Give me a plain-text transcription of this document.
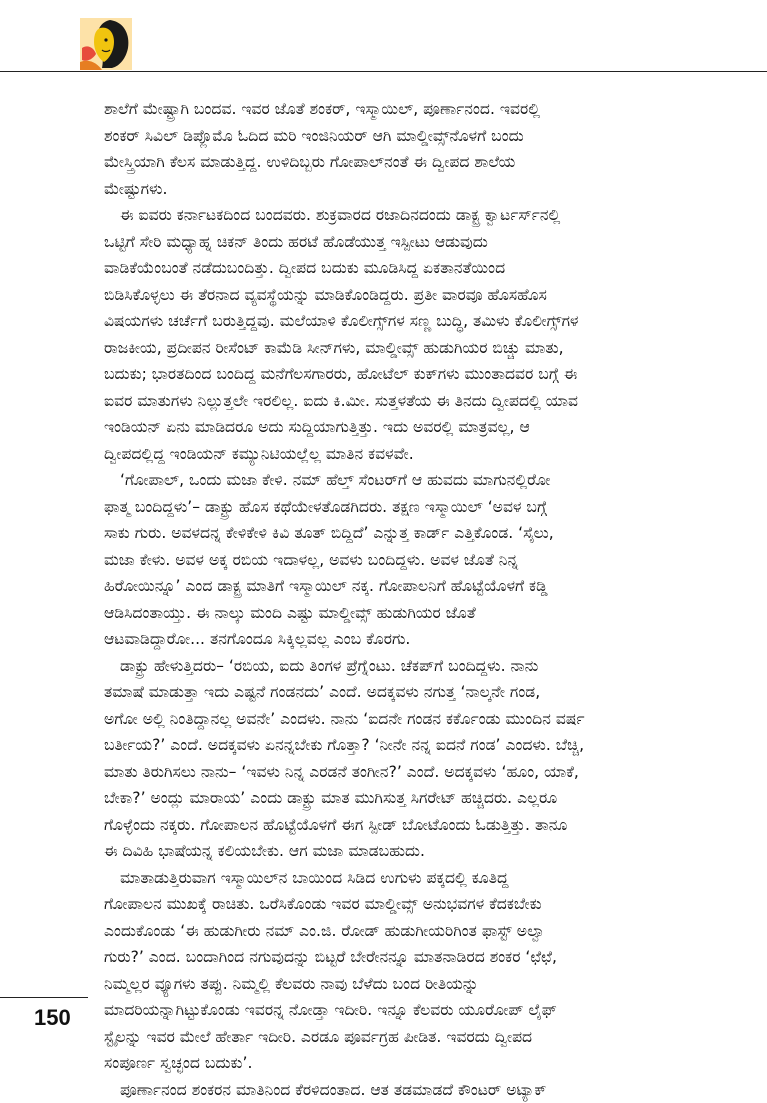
ಶಾಲೆಗೆ ಮೇಷ್ಟ್ರಾಗಿ ಬಂದವ. ಇವರ ಜೊತೆ ಶಂಕರ್, ಇಸ್ಮಾಯಿಲ್, ಪೂರ್ಣಾನಂದ. ಇವರಲ್ಲಿ
ಶಂಕರ್ ಸಿವಿಲ್ ಡಿಪ್ಲೊಮೊ ಓದಿದ ಮರಿ ಇಂಜಿನಿಯರ್ ಆಗಿ ಮಾಲ್ಡೀವ್ಸ್‌ನೊಳಗೆ ಬಂದು
ಮೇಸ್ತ್ರಿಯಾಗಿ ಕೆಲಸ ಮಾಡುತ್ತಿದ್ದ. ಉಳಿದಿಬ್ಬರು ಗೋಪಾಲ್‌ನಂತೆ ಈ ದ್ವೀಪದ ಶಾಲೆಯ
ಮೇಷ್ಟುಗಳು.

ಈ ಐವರು ಕರ್ನಾಟಕದಿಂದ ಬಂದವರು. ಶುಕ್ರವಾರದ ರಜಾದಿನದಂದು ಡಾಕ್ಟ್ರ ಕ್ವಾರ್ಟರ್ಸ್‌ನಲ್ಲಿ
ಒಟ್ಟಿಗೆ ಸೇರಿ ಮಧ್ಯಾಹ್ನ ಚಿಕನ್ ತಿಂದು ಹರಟೆ ಹೊಡೆಯುತ್ತ ಇಸ್ಪೀಟು ಆಡುವುದು
ವಾಡಿಕೆಯೆಂಬಂತೆ ನಡೆದುಬಂದಿತ್ತು. ದ್ವೀಪದ ಬದುಕು ಮೂಡಿಸಿದ್ದ ಏಕತಾನತೆಯಿಂದ
ಬಿಡಿಸಿಕೊಳ್ಳಲು ಈ ತೆರನಾದ ವ್ಯವಸ್ಥೆಯನ್ನು ಮಾಡಿಕೊಂಡಿದ್ದರು. ಪ್ರತೀ ವಾರವೂ ಹೊಸಹೊಸ
ವಿಷಯಗಳು ಚರ್ಚೆಗೆ ಬರುತ್ತಿದ್ದವು. ಮಲೆಯಾಳಿ ಕೊಲೀಗ್ಸ್‌ಗಳ ಸಣ್ಣ ಬುದ್ಧಿ, ತಮಿಳು ಕೊಲೀಗ್ಸ್‌ಗಳ
ರಾಜಕೀಯ, ಪ್ರದೀಪನ ರೀಸೆಂಟ್ ಕಾಮೆಡಿ ಸೀನ್‌ಗಳು, ಮಾಲ್ಡೀವ್ಸ್ ಹುಡುಗಿಯರ ಬಿಚ್ಚು ಮಾತು,
ಬದುಕು; ಭಾರತದಿಂದ ಬಂದಿದ್ದ ಮನೆಗೆಲಸಗಾರರು, ಹೋಟೆಲ್ ಕುಕ್‌ಗಳು ಮುಂತಾದವರ ಬಗ್ಗೆ ಈ
ಐವರ ಮಾತುಗಳು ನಿಲ್ಲುತ್ತಲೇ ಇರಲಿಲ್ಲ. ಐದು ಕಿ.ಮೀ. ಸುತ್ತಳತೆಯ ಈ ತಿನದು ದ್ವೀಪದಲ್ಲಿ ಯಾವ
ಇಂಡಿಯನ್ ಏನು ಮಾಡಿದರೂ ಅದು ಸುದ್ದಿಯಾಗುತ್ತಿತ್ತು. ಇದು ಅವರಲ್ಲಿ ಮಾತ್ರವಲ್ಲ, ಆ
ದ್ವೀಪದಲ್ಲಿದ್ದ ಇಂಡಿಯನ್ ಕಮ್ಯುನಿಟಿಯಲ್ಲೆಲ್ಲ ಮಾತಿನ ಕವಳವೇ.

‘ಗೋಪಾಲ್, ಒಂದು ಮಜಾ ಕೇಳಿ. ನಮ್ ಹೆಲ್ತ್ ಸೆಂಟರ್‌ಗೆ ಆ ಹುವದು ಮಾಗುನಲ್ಲಿರೋ
ಫಾತ್ಮ ಬಂದಿದ್ದಳು’– ಡಾಕ್ಟ್ರು ಹೊಸ ಕಥೆಯೇಳತೊಡಗಿದರು. ತಕ್ಷಣ ಇಸ್ಮಾಯಿಲ್ ‘ಅವಳ ಬಗ್ಗೆ
ಸಾಕು ಗುರು. ಅವಳದನ್ನ ಕೇಳಿಕೇಳಿ ಕಿವಿ ತೂತ್ ಬಿದ್ದಿದೆ’ ಎನ್ನುತ್ತ ಕಾರ್ಡ್ ಎತ್ತಿಕೊಂಡ. ‘ಸೈಲು,
ಮಜಾ ಕೇಳು. ಅವಳ ಅಕ್ಕ ರಬಿಯ ಇದಾಳಲ್ಲ, ಅವಳು ಬಂದಿದ್ದಳು. ಅವಳ ಜೊತೆ ನಿನ್ನ
ಹಿರೋಯಿನ್ನೂ’ ಎಂದ ಡಾಕ್ಟ್ರ ಮಾತಿಗೆ ಇಸ್ಮಾಯಿಲ್ ನಕ್ಕ. ಗೋಪಾಲನಿಗೆ ಹೊಟ್ಟೆಯೊಳಗೆ ಕಡ್ಡಿ
ಆಡಿಸಿದಂತಾಯ್ತು. ಈ ನಾಲ್ಕು ಮಂದಿ ಎಷ್ಟು ಮಾಲ್ಡೀವ್ಸ್ ಹುಡುಗಿಯರ ಜೊತೆ
ಆಟವಾಡಿದ್ದಾರೋ... ತನಗೊಂದೂ ಸಿಕ್ಕಿಲ್ಲವಲ್ಲ ಎಂಬ ಕೊರಗು.

ಡಾಕ್ಟ್ರು ಹೇಳುತ್ತಿದರು– ‘ರಬಿಯ, ಐದು ತಿಂಗಳ ಪ್ರೆಗ್ನೆಂಟು. ಚೆಕಪ್‌ಗೆ ಬಂದಿದ್ದಳು. ನಾನು
ತಮಾಷೆ ಮಾಡುತ್ತಾ ಇದು ಎಷ್ಟನೆ ಗಂಡನದು’ ಎಂದೆ. ಅದಕ್ಕವಳು ನಗುತ್ತ ‘ನಾಲ್ಕನೇ ಗಂಡ,
ಅಗೋ ಅಲ್ಲಿ ನಿಂತಿದ್ದಾನಲ್ಲ ಅವನೇ’ ಎಂದಳು. ನಾನು ‘ಐದನೇ ಗಂಡನ ಕರ್ಕೊಂಡು ಮುಂದಿನ ವರ್ಷ
ಬರ್ತೀಯ?’ ಎಂದೆ. ಅದಕ್ಕವಳು ಏನನ್ನಬೇಕು ಗೊತ್ತಾ? ‘ನೀನೇ ನನ್ನ ಐದನೆ ಗಂಡ’ ಎಂದಳು. ಬೆಚ್ಚಿ,
ಮಾತು ತಿರುಗಿಸಲು ನಾನು– ‘ಇವಳು ನಿನ್ನ ಎರಡನೆ ತಂಗೀನ?’ ಎಂದೆ. ಅದಕ್ಕವಳು ‘ಹೂಂ, ಯಾಕೆ,
ಬೇಕಾ?’ ಅಂದ್ಲು ಮಾರಾಯ’ ಎಂದು ಡಾಕ್ಟ್ರು ಮಾತ ಮುಗಿಸುತ್ತ ಸಿಗರೇಟ್ ಹಚ್ಚಿದರು. ಎಲ್ಲರೂ
ಗೊಳ್ಳೆಂದು ನಕ್ಕರು. ಗೋಪಾಲನ ಹೊಟ್ಟೆಯೊಳಗೆ ಈಗ ಸ್ಪೀಡ್ ಬೋಟೊಂದು ಓಡುತ್ತಿತ್ತು. ತಾನೂ
ಈ ದಿವಿಹಿ ಭಾಷೆಯನ್ನ ಕಲಿಯಬೇಕು. ಆಗ ಮಜಾ ಮಾಡಬಹುದು.

ಮಾತಾಡುತ್ತಿರುವಾಗ ಇಸ್ಮಾಯಿಲ್‌ನ ಬಾಯಿಂದ ಸಿಡಿದ ಉಗುಳು ಪಕ್ಕದಲ್ಲಿ ಕೂತಿದ್ದ
ಗೋಪಾಲನ ಮುಖಕ್ಕೆ ರಾಚಿತು. ಒರೆಸಿಕೊಂಡು ಇವರ ಮಾಲ್ಡೀವ್ಸ್ ಅನುಭವಗಳ ಕೆದಕಬೇಕು
ಎಂದುಕೊಂಡು ‘ಈ ಹುಡುಗೀರು ನಮ್ ಎಂ.ಜಿ. ರೋಡ್ ಹುಡುಗೀಯರಿಗಿಂತ ಫಾಸ್ಟ್ ಅಲ್ವಾ
ಗುರು?’ ಎಂದ. ಬಂದಾಗಿಂದ ನಗುವುದನ್ನು ಬಿಟ್ಟರೆ ಬೇರೇನನ್ನೂ ಮಾತನಾಡಿರದ ಶಂಕರ ‘ಛೆಛೆ,
ನಿಮ್ಮಲ್ಲರ ವ್ಯೂಗಳು ತಪ್ಪು. ನಿಮ್ಮಲ್ಲಿ ಕೆಲವರು ನಾವು ಬೆಳೆದು ಬಂದ ರೀತಿಯನ್ನು
ಮಾದರಿಯನ್ನಾಗಿಟ್ಟುಕೊಂಡು ಇವರನ್ನ ನೋಡ್ತಾ ಇದೀರಿ. ಇನ್ನೂ ಕೆಲವರು ಯೂರೋಪ್ ಲೈಫ್
ಸ್ಟೈಲನ್ನು ಇವರ ಮೇಲೆ ಹೇರ್ತಾ ಇದೀರಿ. ಎರಡೂ ಪೂರ್ವಗ್ರಹ ಪೀಡಿತ. ಇವರದು ದ್ವೀಪದ
ಸಂಪೂರ್ಣ ಸ್ವಚ್ಛಂದ ಬದುಕು’.

ಪೂರ್ಣಾನಂದ ಶಂಕರನ ಮಾತಿನಿಂದ ಕೆರಳಿದಂತಾದ. ಆತ ತಡಮಾಡದೆ ಕೌಂಟರ್ ಅಟ್ಯಾಕ್

150
